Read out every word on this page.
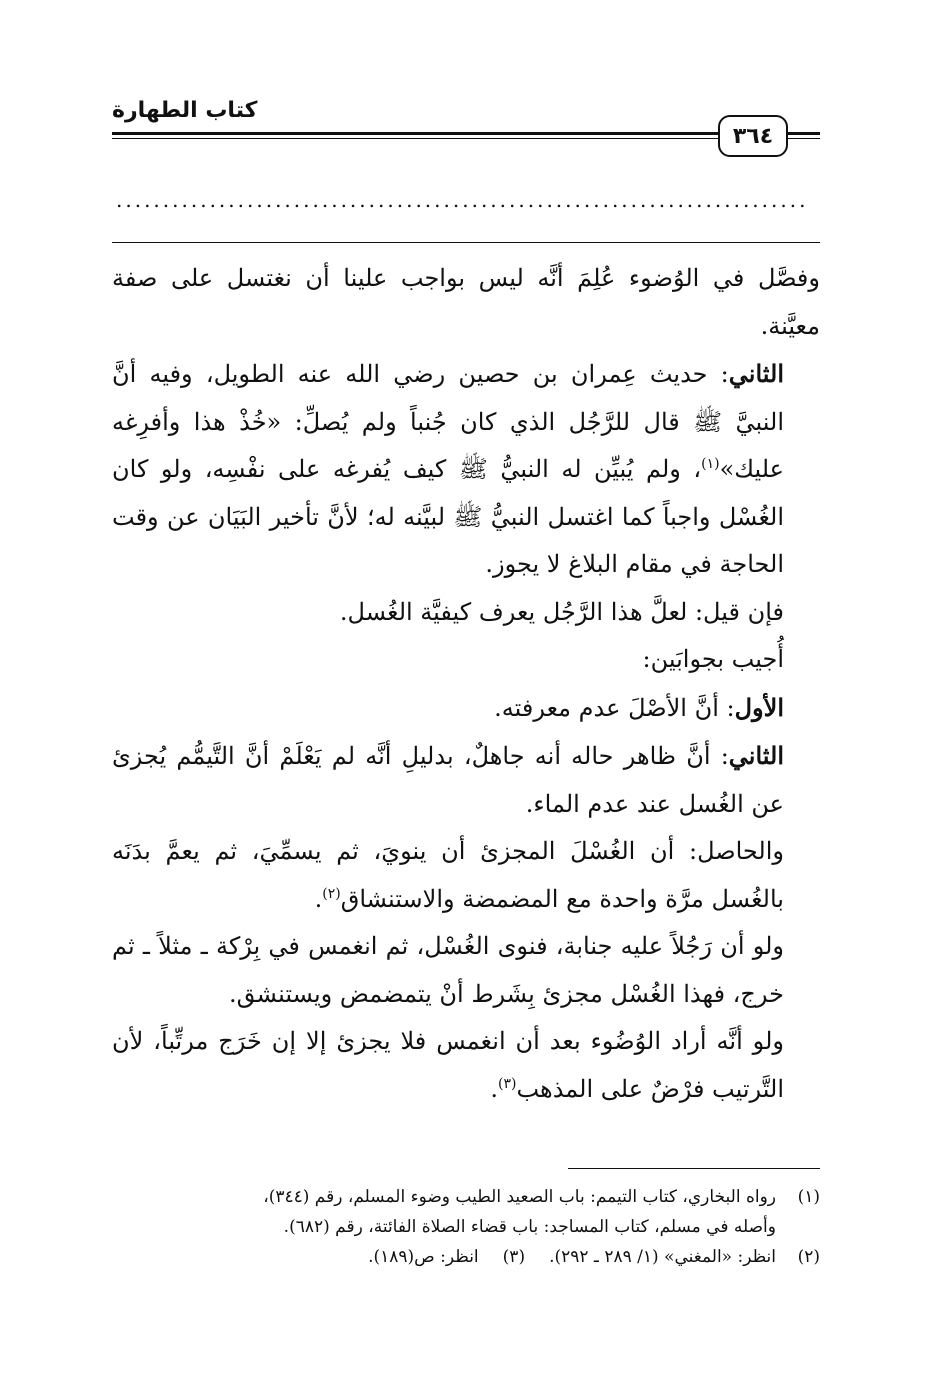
كتاب الطهارة
٣٦٤
..........................................................................

وفصَّل في الوُضوء عُلِمَ أنَّه ليس بواجب علينا أن نغتسل على صفة معيَّنة.

الثاني: حديث عِمران بن حصين رضي الله عنه الطويل، وفيه أنَّ النبيَّ ﷺ قال للرَّجُل الذي كان جُنباً ولم يُصلِّ: «خُذْ هذا وأفرِغه عليك»$^{(١)}$، ولم يُبيِّن له النبيُّ ﷺ كيف يُفرغه على نفْسِه، ولو كان الغُسْل واجباً كما اغتسل النبيُّ ﷺ لبيَّنه له؛ لأنَّ تأخير البَيَان عن وقت الحاجة في مقام البلاغ لا يجوز.

فإن قيل: لعلَّ هذا الرَّجُل يعرف كيفيَّة الغُسل.

أُجيب بجوابَين:

الأول: أنَّ الأصْلَ عدم معرفته.

الثاني: أنَّ ظاهر حاله أنه جاهلٌ، بدليلِ أنَّه لم يَعْلَمْ أنَّ التَّيمُّم يُجزئ عن الغُسل عند عدم الماء.

والحاصل: أن الغُسْلَ المجزئ أن ينويَ، ثم يسمِّيَ، ثم يعمَّ بدَنَه بالغُسل مرَّة واحدة مع المضمضة والاستنشاق$^{(٢)}$.

ولو أن رَجُلاً عليه جنابة، فنوى الغُسْل، ثم انغمس في بِرْكة ـ مثلاً ـ ثم خرج، فهذا الغُسْل مجزئ بِشَرط أنْ يتمضمض ويستنشق.

ولو أنَّه أراد الوُضُوء بعد أن انغمس فلا يجزئ إلا إن خَرَج مرتِّباً، لأن التَّرتيب فرْضٌ على المذهب$^{(٣)}$.

(١)
رواه البخاري، كتاب التيمم: باب الصعيد الطيب وضوء المسلم، رقم (٣٤٤)،
وأصله في مسلم، كتاب المساجد: باب قضاء الصلاة الفائتة، رقم (٦٨٢).
(٢)
انظر: «المغني» (١/ ٢٨٩ ـ ٢٩٢).(٣)انظر: ص(١٨٩).
